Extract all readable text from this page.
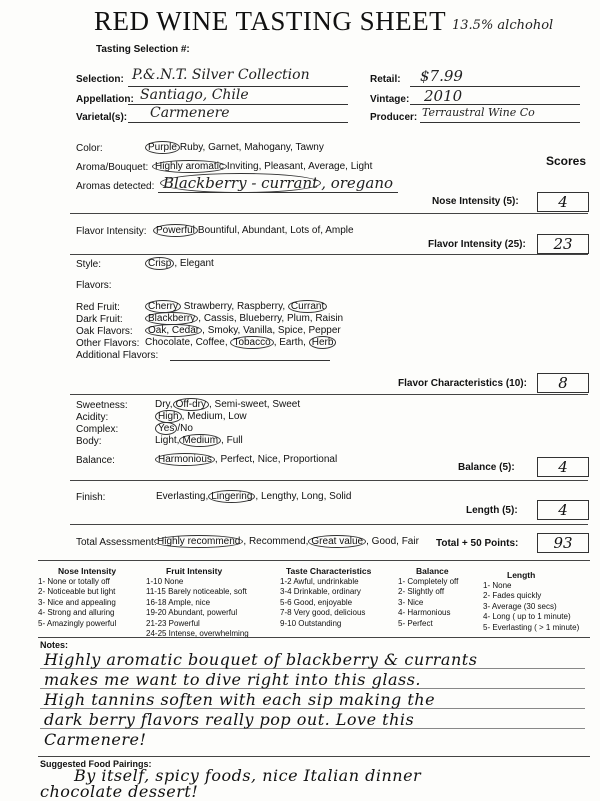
RED WINE TASTING SHEET 13.5% alchohol
Tasting Selection #:
Selection: P.&.N.T. Silver Collection
Appellation: Santiago, Chile
Varietal(s): Carmenere
Retail: $7.99
Vintage: 2010
Producer: Terraustral Wine Co
Color:	Purple Ruby, Garnet, Mahogany, Tawny
Aroma/Bouquet: Highly aromatic Inviting, Pleasant, Average, Light	Scores
Aromas detected: Blackberry - currant , oregano
Nose Intensity (5):	4
Flavor Intensity: Powerful Bountiful, Abundant, Lots of, Ample
Flavor Intensity (25):	23
Style:	Crisp , Elegant
Flavors:
Red Fruit:	Cherry Strawberry, Raspberry, Currant
Dark Fruit:	Blackberry , Cassis, Blueberry, Plum, Raisin
Oak Flavors:	Oak, Cedar , Smoky, Vanilla, Spice, Pepper
Other Flavors: Chocolate, Coffee, Tobacco , Earth, Herb
Additional Flavors:
Flavor Characteristics (10):	8
Sweetness:	Dry, Off-dry , Semi-sweet, Sweet
Acidity:	High , Medium, Low
Complex:	Yes /No
Body:	Light, Medium , Full
Balance:	Harmonious , Perfect, Nice, Proportional
Balance (5):	4
Finish:	Everlasting, Lingering , Lengthy, Long, Solid
Length (5):	4
Total Assessment: Highly recommend , Recommend, Great value , Good, Fair Total + 50 Points:	93
Nose Intensity
1- None or totally off
2- Noticeable but light
3- Nice and appealing
4- Strong and alluring
5- Amazingly powerful
Fruit Intensity
1-10 None
11-15 Barely noticeable, soft
16-18 Ample, nice
19-20 Abundant, powerful
21-23 Powerful
24-25 Intense, overwhelming
Taste Characteristics
1-2 Awful, undrinkable
3-4 Drinkable, ordinary
5-6 Good, enjoyable
7-8 Very good, delicious
9-10 Outstanding
Balance
1- Completely off
2- Slightly off
3- Nice
4- Harmonious
5- Perfect
Length
1- None
2- Fades quickly
3- Average (30 secs)
4- Long ( up to 1 minute)
5- Everlasting ( > 1 minute)
Notes:
Highly aromatic bouquet of blackberry & currants
makes me want to dive right into this glass.
High tannins soften with each sip making the
dark berry flavors really pop out. Love this
Carmenere!
Suggested Food Pairings:
By itself, spicy foods, nice Italian dinner
chocolate dessert!
